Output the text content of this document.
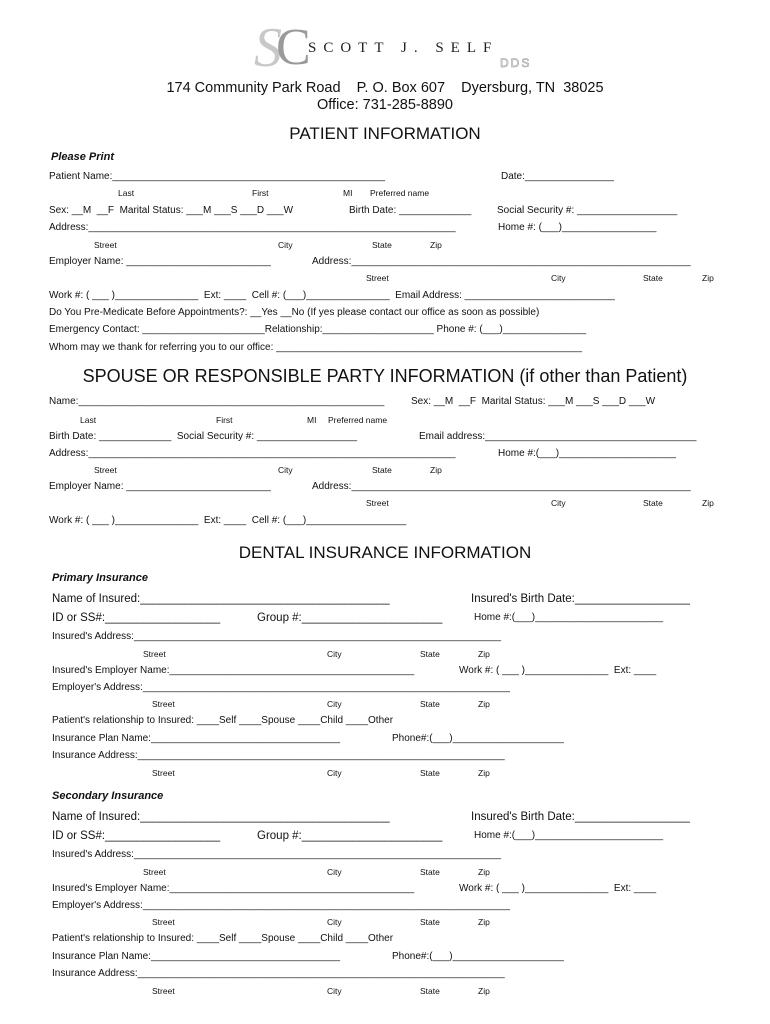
S
C
SCOTT J. SELF
DDS
174 Community Park Road    P. O. Box 607    Dyersburg, TN  38025
Office: 731-285-8890
PATIENT INFORMATION
Please Print
Patient Name:_________________________________________________	Date:________________
Last	First	MI Preferred name
Sex: __M  __F  Marital Status: ___M ___S ___D ___W	Birth Date: _____________	Social Security #: __________________
Address:__________________________________________________________________	Home #: (___)_________________
Street	City	State	Zip
Employer Name: __________________________	Address:_____________________________________________________________
Street	City	State	Zip
Work #: ( ___ )_______________  Ext: ____  Cell #: (___)_______________  Email Address: ___________________________
Do You Pre-Medicate Before Appointments?: __Yes __No (If yes please contact our office as soon as possible)
Emergency Contact: ______________________Relationship:____________________ Phone #: (___)_______________
Whom may we thank for referring you to our office: _______________________________________________________
SPOUSE OR RESPONSIBLE PARTY INFORMATION (if other than Patient)
Name:_______________________________________________________	Sex: __M  __F  Marital Status: ___M ___S ___D ___W
Last	First	MI Preferred name
Birth Date: _____________  Social Security #: __________________	Email address:______________________________________
Address:__________________________________________________________________	Home #:(___)_____________________
Street	City	State	Zip
Employer Name: __________________________	Address:_____________________________________________________________
Street	City	State	Zip
Work #: ( ___ )_______________  Ext: ____  Cell #: (___)__________________
DENTAL INSURANCE INFORMATION
Primary Insurance
Name of Insured:_______________________________________	Insured's Birth Date:__________________
ID or SS#:__________________	Group #:______________________	Home #:(___)_______________________
Insured's Address:__________________________________________________________________
Street	City	State	Zip
Insured's Employer Name:____________________________________________	Work #: ( ___ )_______________  Ext: ____
Employer's Address:__________________________________________________________________
Street	City	State	Zip
Patient's relationship to Insured: ____Self ____Spouse ____Child ____Other
Insurance Plan Name:__________________________________	Phone#:(___)____________________
Insurance Address:__________________________________________________________________
Street	City	State	Zip
Secondary Insurance
Name of Insured:_______________________________________	Insured's Birth Date:__________________
ID or SS#:__________________	Group #:______________________	Home #:(___)_______________________
Insured's Address:__________________________________________________________________
Street	City	State	Zip
Insured's Employer Name:____________________________________________	Work #: ( ___ )_______________  Ext: ____
Employer's Address:__________________________________________________________________
Street	City	State	Zip
Patient's relationship to Insured: ____Self ____Spouse ____Child ____Other
Insurance Plan Name:__________________________________	Phone#:(___)____________________
Insurance Address:__________________________________________________________________
Street	City	State	Zip
